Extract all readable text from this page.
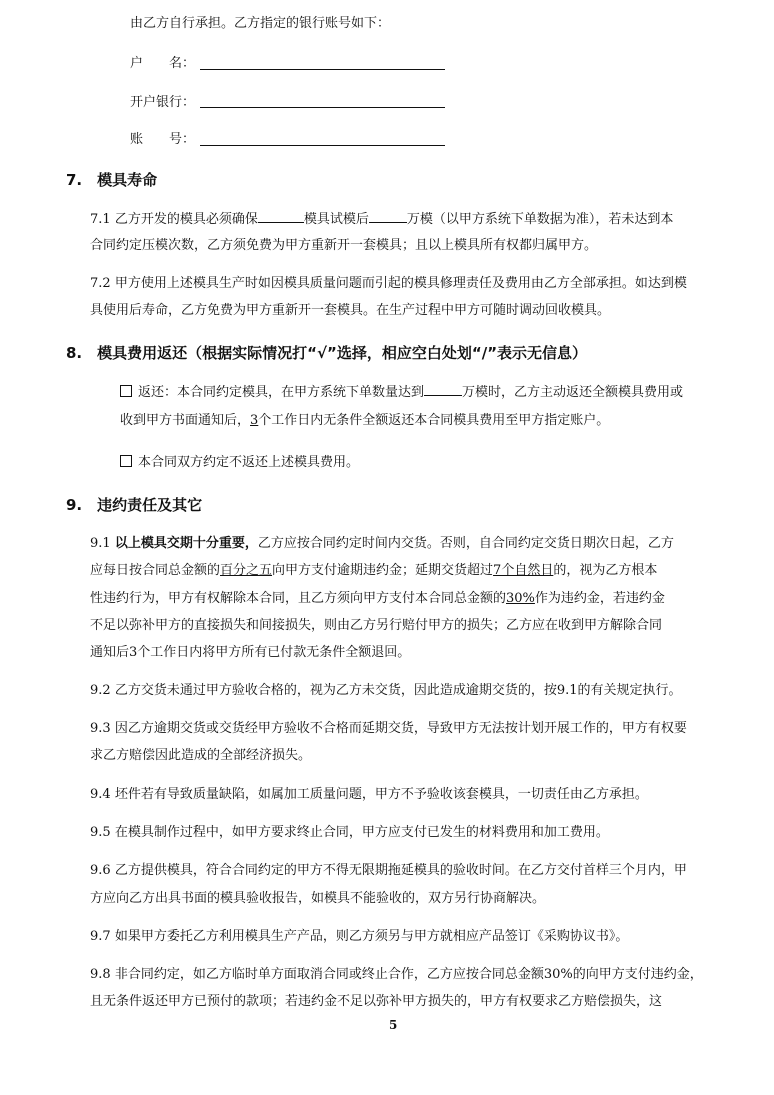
由乙方自行承担。乙方指定的银行账号如下：
户　　名：
开户银行：
账　　号：
7.　模具寿命
7.1 乙方开发的模具必须确保	模具试模后	万模（以甲方系统下单数据为准），若未达到本
合同约定压模次数，乙方须免费为甲方重新开一套模具；且以上模具所有权都归属甲方。
7.2 甲方使用上述模具生产时如因模具质量问题而引起的模具修理责任及费用由乙方全部承担。如达到模
具使用后寿命，乙方免费为甲方重新开一套模具。在生产过程中甲方可随时调动回收模具。
8.　模具费用返还（根据实际情况打“√”选择，相应空白处划“/”表示无信息）
返还：本合同约定模具，在甲方系统下单数量达到	万模时，乙方主动返还全额模具费用或
收到甲方书面通知后，3个工作日内无条件全额返还本合同模具费用至甲方指定账户。
本合同双方约定不返还上述模具费用。
9.　违约责任及其它
9.1 以上模具交期十分重要，乙方应按合同约定时间内交货。否则，自合同约定交货日期次日起，乙方
应每日按合同总金额的百分之五向甲方支付逾期违约金；延期交货超过7个自然日的，视为乙方根本
性违约行为，甲方有权解除本合同，且乙方须向甲方支付本合同总金额的30%作为违约金，若违约金
不足以弥补甲方的直接损失和间接损失，则由乙方另行赔付甲方的损失；乙方应在收到甲方解除合同
通知后3个工作日内将甲方所有已付款无条件全额退回。
9.2 乙方交货未通过甲方验收合格的，视为乙方未交货，因此造成逾期交货的，按9.1的有关规定执行。
9.3 因乙方逾期交货或交货经甲方验收不合格而延期交货，导致甲方无法按计划开展工作的，甲方有权要
求乙方赔偿因此造成的全部经济损失。
9.4 坯件若有导致质量缺陷，如属加工质量问题，甲方不予验收该套模具，一切责任由乙方承担。
9.5 在模具制作过程中，如甲方要求终止合同，甲方应支付已发生的材料费用和加工费用。
9.6 乙方提供模具，符合合同约定的甲方不得无限期拖延模具的验收时间。在乙方交付首样三个月内，甲
方应向乙方出具书面的模具验收报告，如模具不能验收的，双方另行协商解决。
9.7 如果甲方委托乙方利用模具生产产品，则乙方须另与甲方就相应产品签订《采购协议书》。
9.8 非合同约定，如乙方临时单方面取消合同或终止合作，乙方应按合同总金额30%的向甲方支付违约金，
且无条件返还甲方已预付的款项；若违约金不足以弥补甲方损失的，甲方有权要求乙方赔偿损失，这
5
